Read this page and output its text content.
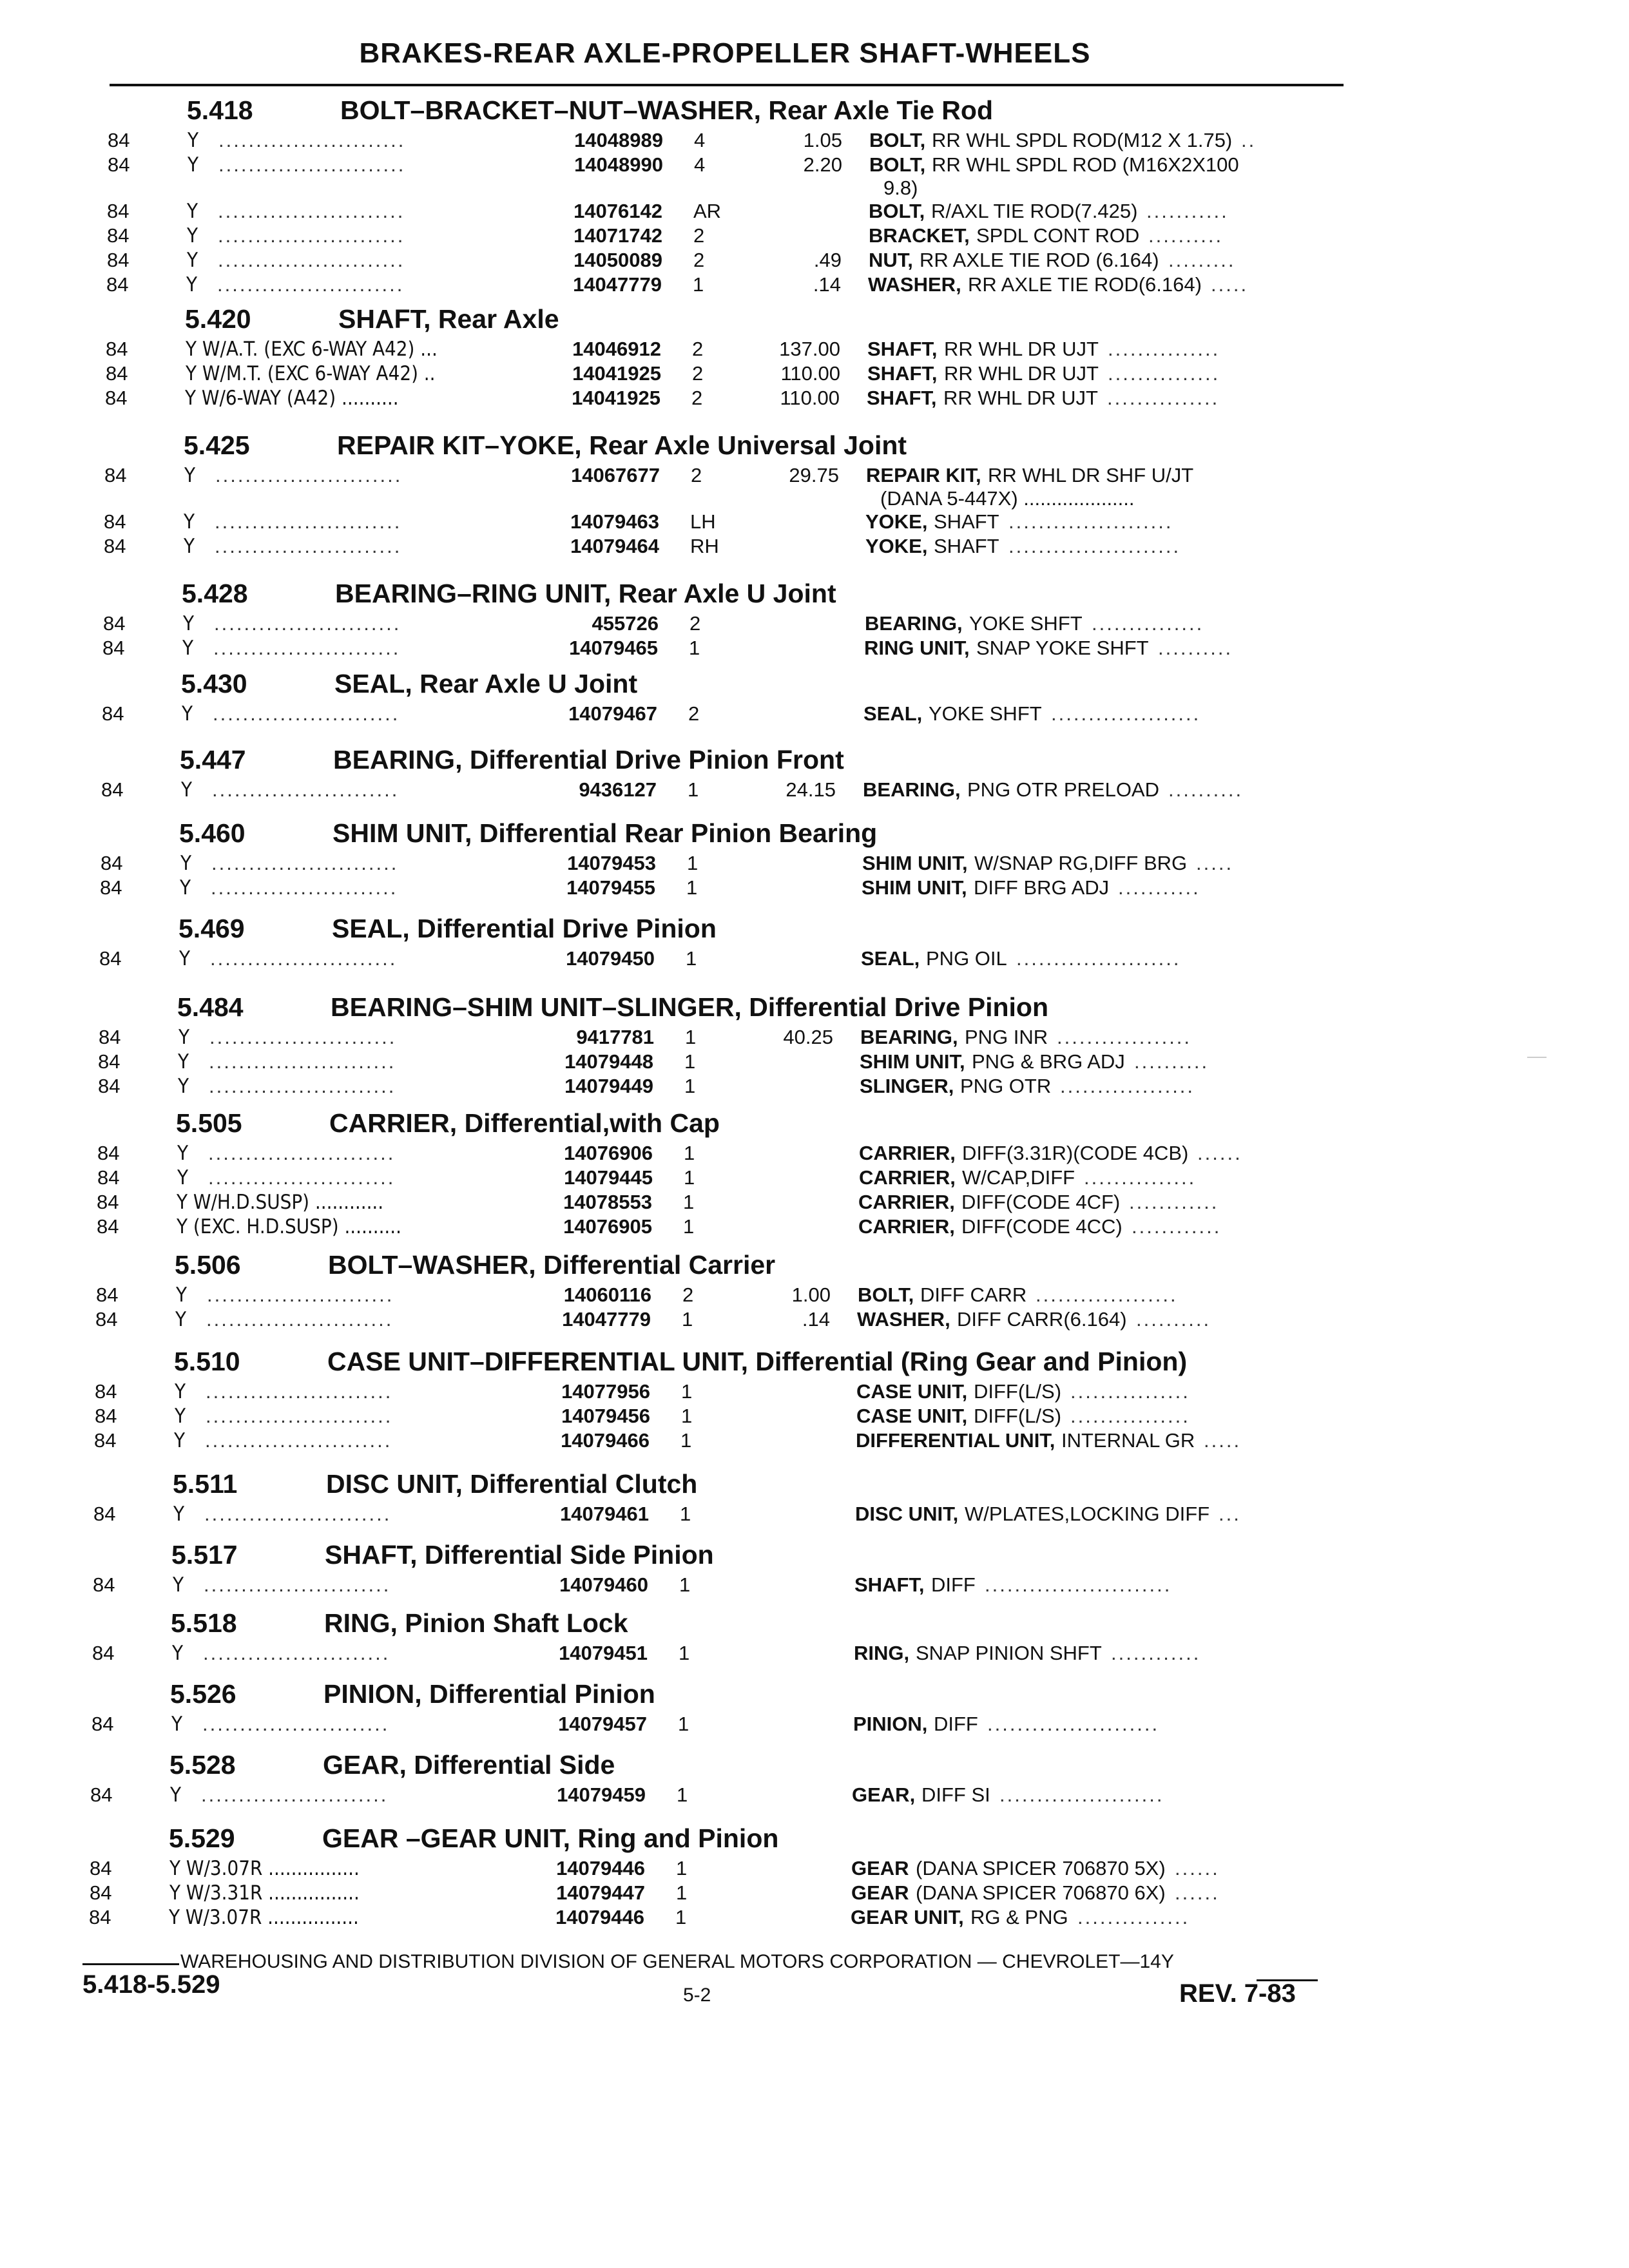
BRAKES-REAR AXLE-PROPELLER SHAFT-WHEELS
5.418	BOLT–BRACKET–NUT–WASHER, Rear Axle Tie Rod
84	Y .........................	14048989 4	1.05 BOLT, RR WHL SPDL ROD(M12 X 1.75) ..
84	Y .........................	14048990 4	2.20 BOLT, RR WHL SPDL ROD (M16X2X100
9.8)
84	Y .........................	14076142 AR	BOLT, R/AXL TIE ROD(7.425) ...........
84	Y .........................	14071742 2	BRACKET, SPDL CONT ROD ..........
84	Y .........................	14050089 2	.49 NUT, RR AXLE TIE ROD (6.164) .........
84	Y .........................	14047779 1	.14 WASHER, RR AXLE TIE ROD(6.164) .....
5.420	SHAFT, Rear Axle
84	Y W/A.T. (EXC 6-WAY A42) ...	14046912 2	137.00 SHAFT, RR WHL DR UJT ...............
84	Y W/M.T. (EXC 6-WAY A42) ..	14041925 2	110.00 SHAFT, RR WHL DR UJT ...............
84	Y W/6-WAY (A42) ..........	14041925 2	110.00 SHAFT, RR WHL DR UJT ...............
5.425	REPAIR KIT–YOKE, Rear Axle Universal Joint
84	Y .........................	14067677 2	29.75 REPAIR KIT, RR WHL DR SHF U/JT
(DANA 5-447X) ....................
84	Y .........................	14079463 LH	YOKE, SHAFT ......................
84	Y .........................	14079464 RH	YOKE, SHAFT .......................
5.428	BEARING–RING UNIT, Rear Axle U Joint
84	Y .........................	455726 2	BEARING, YOKE SHFT ...............
84	Y .........................	14079465 1	RING UNIT, SNAP YOKE SHFT ..........
5.430	SEAL, Rear Axle U Joint
84	Y .........................	14079467 2	SEAL, YOKE SHFT ....................
5.447	BEARING, Differential Drive Pinion Front
84	Y .........................	9436127 1	24.15 BEARING, PNG OTR PRELOAD ..........
5.460	SHIM UNIT, Differential Rear Pinion Bearing
84	Y .........................	14079453 1	SHIM UNIT, W/SNAP RG,DIFF BRG .....
84	Y .........................	14079455 1	SHIM UNIT, DIFF BRG ADJ ...........
5.469	SEAL, Differential Drive Pinion
84	Y .........................	14079450 1	SEAL, PNG OIL ......................
5.484	BEARING–SHIM UNIT–SLINGER, Differential Drive Pinion
84	Y .........................	9417781 1	40.25 BEARING, PNG INR ..................
84	Y .........................	14079448 1	SHIM UNIT, PNG & BRG ADJ ..........
84	Y .........................	14079449 1	SLINGER, PNG OTR ..................
5.505	CARRIER, Differential,with Cap
84	Y .........................	14076906 1	CARRIER, DIFF(3.31R)(CODE 4CB) ......
84	Y .........................	14079445 1	CARRIER, W/CAP,DIFF ...............
84	Y W/H.D.SUSP) ............	14078553 1	CARRIER, DIFF(CODE 4CF) ............
84	Y (EXC. H.D.SUSP) ..........	14076905 1	CARRIER, DIFF(CODE 4CC) ............
5.506	BOLT–WASHER, Differential Carrier
84	Y .........................	14060116 2	1.00 BOLT, DIFF CARR ...................
84	Y .........................	14047779 1	.14 WASHER, DIFF CARR(6.164) ..........
5.510	CASE UNIT–DIFFERENTIAL UNIT, Differential (Ring Gear and Pinion)
84	Y .........................	14077956 1	CASE UNIT, DIFF(L/S) ................
84	Y .........................	14079456 1	CASE UNIT, DIFF(L/S) ................
84	Y .........................	14079466 1	DIFFERENTIAL UNIT, INTERNAL GR .....
5.511	DISC UNIT, Differential Clutch
84	Y .........................	14079461 1	DISC UNIT, W/PLATES,LOCKING DIFF ...
5.517	SHAFT, Differential Side Pinion
84	Y .........................	14079460 1	SHAFT, DIFF .........................
5.518	RING, Pinion Shaft Lock
84	Y .........................	14079451 1	RING, SNAP PINION SHFT ............
5.526	PINION, Differential Pinion
84	Y .........................	14079457 1	PINION, DIFF .......................
5.528	GEAR, Differential Side
84	Y .........................	14079459 1	GEAR, DIFF SI ......................
5.529	GEAR –GEAR UNIT, Ring and Pinion
84	Y W/3.07R ................	14079446 1	GEAR (DANA SPICER 706870 5X) ......
84	Y W/3.31R ................	14079447 1	GEAR (DANA SPICER 706870 6X) ......
84	Y W/3.07R ................	14079446 1	GEAR UNIT, RG & PNG ...............
WAREHOUSING AND DISTRIBUTION DIVISION OF GENERAL MOTORS CORPORATION — CHEVROLET—14Y
5.418-5.529	5-2	REV. 7-83
